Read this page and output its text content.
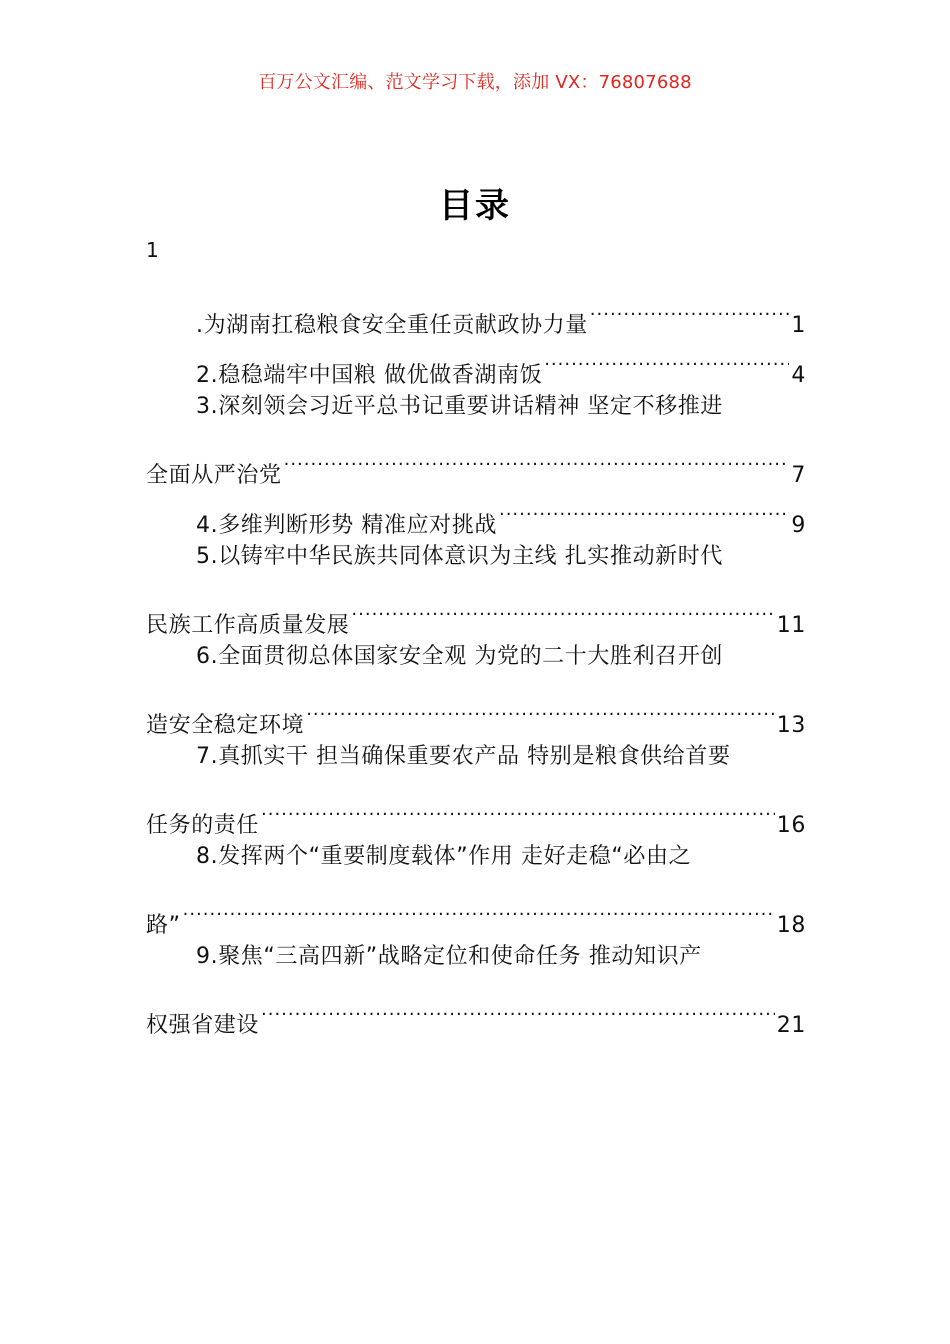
百万公文汇编、范文学习下载，添加 VX：76807688
目录
1
.为湖南扛稳粮食安全重任贡献政协力量 .....	1
2.稳稳端牢中国粮 做优做香湖南饭 .....	4
3.深刻领会习近平总书记重要讲话精神 坚定不移推进
全面从严治党 .....	7
4.多维判断形势 精准应对挑战 .....	9
5.以铸牢中华民族共同体意识为主线 扎实推动新时代
民族工作高质量发展 .....	11
6.全面贯彻总体国家安全观 为党的二十大胜利召开创
造安全稳定环境 .....	13
7.真抓实干 担当确保重要农产品 特别是粮食供给首要
任务的责任 .....	16
8.发挥两个“重要制度载体”作用 走好走稳“必由之
路” .....	18
9.聚焦“三高四新”战略定位和使命任务 推动知识产
权强省建设 .....	21
